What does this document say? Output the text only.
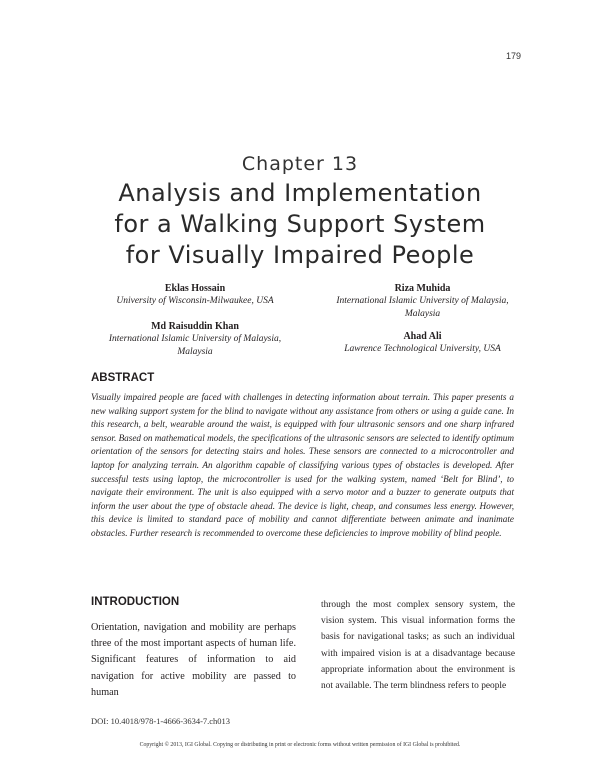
179
Chapter 13
Analysis and Implementation
for a Walking Support System
for Visually Impaired People
Eklas Hossain
University of Wisconsin-Milwaukee, USA
Md Raisuddin Khan
International Islamic University of Malaysia,
Malaysia
Riza Muhida
International Islamic University of Malaysia,
Malaysia
Ahad Ali
Lawrence Technological University, USA
ABSTRACT
Visually impaired people are faced with challenges in detecting information about terrain. This paper presents a new walking support system for the blind to navigate without any assistance from others or using a guide cane. In this research, a belt, wearable around the waist, is equipped with four ultrasonic sensors and one sharp infrared sensor. Based on mathematical models, the specifications of the ultrasonic sensors are selected to identify optimum orientation of the sensors for detecting stairs and holes. These sensors are connected to a microcontroller and laptop for analyzing terrain. An algorithm capable of classifying various types of obstacles is developed. After successful tests using laptop, the microcontroller is used for the walking system, named ‘Belt for Blind’, to navigate their environment. The unit is also equipped with a servo motor and a buzzer to generate outputs that inform the user about the type of obstacle ahead. The device is light, cheap, and consumes less energy. However, this device is limited to standard pace of mobility and cannot differentiate between animate and inanimate obstacles. Further research is recommended to overcome these deficiencies to improve mobility of blind people.
INTRODUCTION
Orientation, navigation and mobility are perhaps three of the most important aspects of human life. Significant features of information to aid navigation for active mobility are passed to human
through the most complex sensory system, the vision system. This visual information forms the basis for navigational tasks; as such an individual with impaired vision is at a disadvantage because appropriate information about the environment is not available. The term blindness refers to people
DOI: 10.4018/978-1-4666-3634-7.ch013
Copyright © 2013, IGI Global. Copying or distributing in print or electronic forms without written permission of IGI Global is prohibited.
